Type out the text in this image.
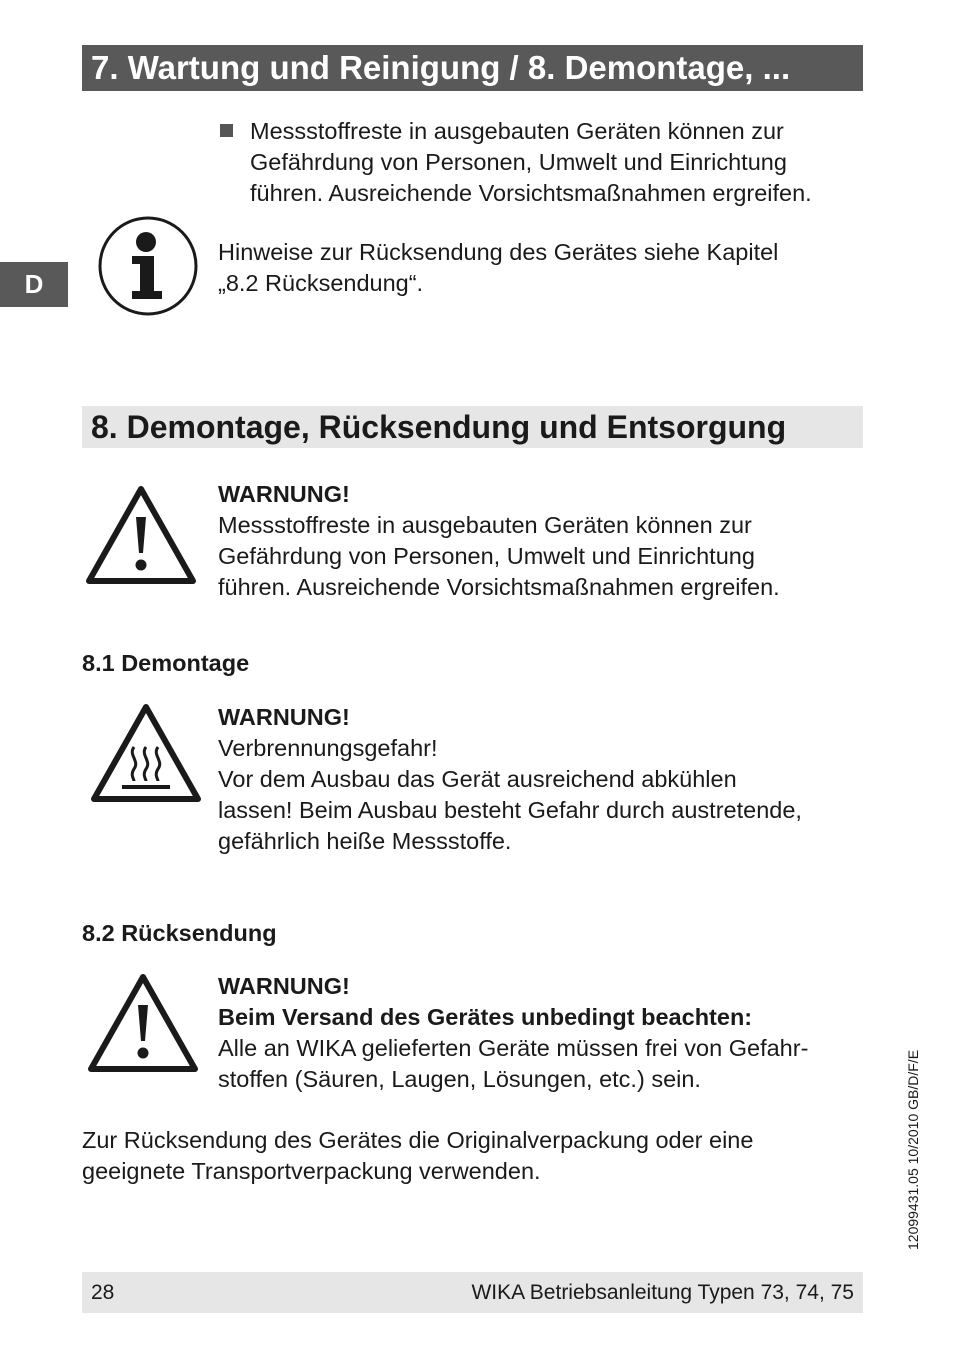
7. Wartung und Reinigung / 8. Demontage, ...
D
Messstoffreste in ausgebauten Geräten können zur
Gefährdung von Personen, Umwelt und Einrichtung
führen. Ausreichende Vorsichtsmaßnahmen ergreifen.
Hinweise zur Rücksendung des Gerätes siehe Kapitel
„8.2 Rücksendung“.
8. Demontage, Rücksendung und Entsorgung
WARNUNG!
Messstoffreste in ausgebauten Geräten können zur
Gefährdung von Personen, Umwelt und Einrichtung
führen. Ausreichende Vorsichtsmaßnahmen ergreifen.
8.1 Demontage
WARNUNG!
Verbrennungsgefahr!
Vor dem Ausbau das Gerät ausreichend abkühlen
lassen! Beim Ausbau besteht Gefahr durch austretende,
gefährlich heiße Messstoffe.
8.2 Rücksendung
WARNUNG!
Beim Versand des Gerätes unbedingt beachten:
Alle an WIKA gelieferten Geräte müssen frei von Gefahr-
stoffen (Säuren, Laugen, Lösungen, etc.) sein.
Zur Rücksendung des Gerätes die Originalverpackung oder eine
geeignete Transportverpackung verwenden.	12099431.05 10/2010 GB/D/F/E
28	WIKA Betriebsanleitung Typen 73, 74, 75
